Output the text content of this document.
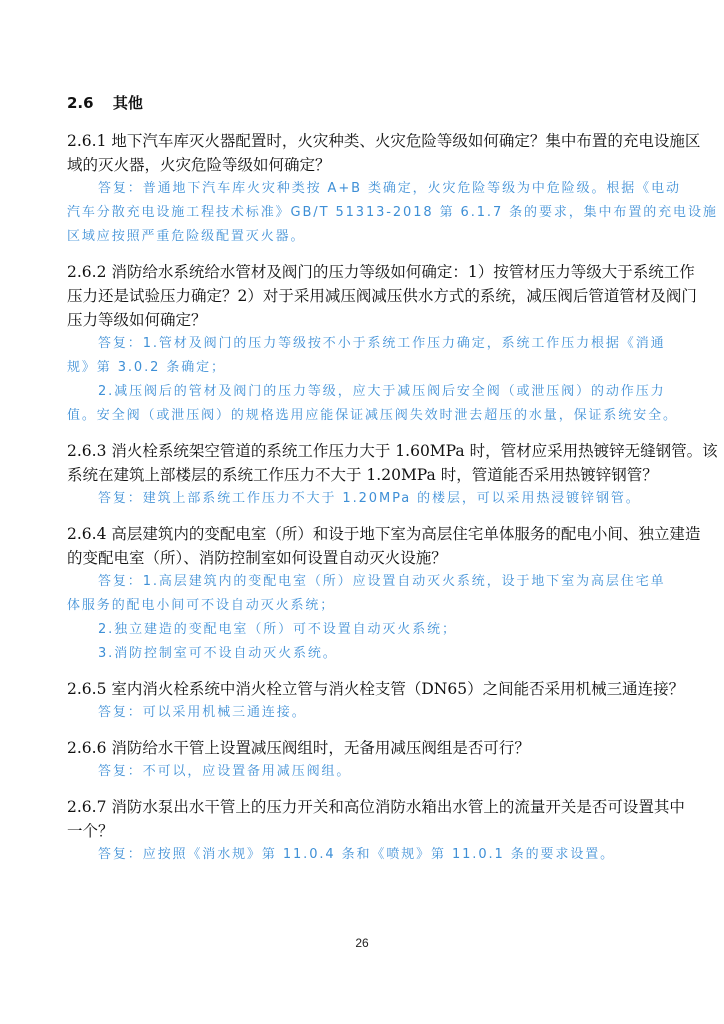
2.6 其他
2.6.1 地下汽车库灭火器配置时，火灾种类、火灾危险等级如何确定？集中布置的充电设施区
域的灭火器，火灾危险等级如何确定？
答复：普通地下汽车库火灾种类按 A+B 类确定，火灾危险等级为中危险级。根据《电动
汽车分散充电设施工程技术标准》GB/T 51313-2018 第 6.1.7 条的要求，集中布置的充电设施
区域应按照严重危险级配置灭火器。
2.6.2 消防给水系统给水管材及阀门的压力等级如何确定：1）按管材压力等级大于系统工作
压力还是试验压力确定？2）对于采用减压阀减压供水方式的系统，减压阀后管道管材及阀门
压力等级如何确定？
答复：1.管材及阀门的压力等级按不小于系统工作压力确定，系统工作压力根据《消通
规》第 3.0.2 条确定；
2.减压阀后的管材及阀门的压力等级，应大于减压阀后安全阀（或泄压阀）的动作压力
值。安全阀（或泄压阀）的规格选用应能保证减压阀失效时泄去超压的水量，保证系统安全。
2.6.3 消火栓系统架空管道的系统工作压力大于 1.60MPa 时，管材应采用热镀锌无缝钢管。该
系统在建筑上部楼层的系统工作压力不大于 1.20MPa 时，管道能否采用热镀锌钢管？
答复：建筑上部系统工作压力不大于 1.20MPa 的楼层，可以采用热浸镀锌钢管。
2.6.4 高层建筑内的变配电室（所）和设于地下室为高层住宅单体服务的配电小间、独立建造
的变配电室（所）、消防控制室如何设置自动灭火设施？
答复：1.高层建筑内的变配电室（所）应设置自动灭火系统，设于地下室为高层住宅单
体服务的配电小间可不设自动灭火系统；
2.独立建造的变配电室（所）可不设置自动灭火系统；
3.消防控制室可不设自动灭火系统。
2.6.5 室内消火栓系统中消火栓立管与消火栓支管（DN65）之间能否采用机械三通连接？
答复：可以采用机械三通连接。
2.6.6 消防给水干管上设置减压阀组时，无备用减压阀组是否可行？
答复：不可以，应设置备用减压阀组。
2.6.7 消防水泵出水干管上的压力开关和高位消防水箱出水管上的流量开关是否可设置其中
一个？
答复：应按照《消水规》第 11.0.4 条和《喷规》第 11.0.1 条的要求设置。
26
